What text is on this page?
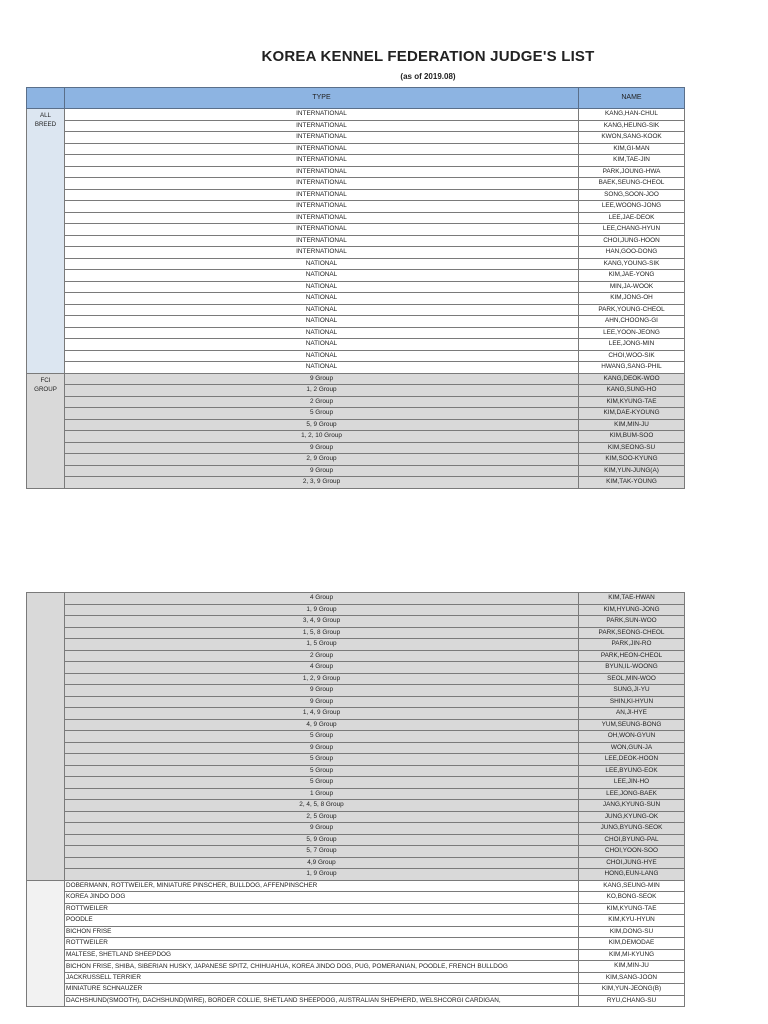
KOREA KENNEL FEDERATION JUDGE'S LIST
(as of 2019.08)
	TYPE	NAME
ALL BREED	INTERNATIONAL	KANG,HAN-CHUL
	INTERNATIONAL	KANG,HEUNG-SIK
	INTERNATIONAL	KWON,SANG-KOOK
	INTERNATIONAL	KIM,GI-MAN
	INTERNATIONAL	KIM,TAE-JIN
	INTERNATIONAL	PARK,JOUNG-HWA
	INTERNATIONAL	BAEK,SEUNG-CHEOL
	INTERNATIONAL	SONG,SOON-JOO
	INTERNATIONAL	LEE,WOONG-JONG
	INTERNATIONAL	LEE,JAE-DEOK
	INTERNATIONAL	LEE,CHANG-HYUN
	INTERNATIONAL	CHOI,JUNG-HOON
	INTERNATIONAL	HAN,GOO-DONG
	NATIONAL	KANG,YOUNG-SIK
	NATIONAL	KIM,JAE-YONG
	NATIONAL	MIN,JA-WOOK
	NATIONAL	KIM,JONG-OH
	NATIONAL	PARK,YOUNG-CHEOL
	NATIONAL	AHN,CHOONG-GI
	NATIONAL	LEE,YOON-JEONG
	NATIONAL	LEE,JONG-MIN
	NATIONAL	CHOI,WOO-SIK
	NATIONAL	HWANG,SANG-PHIL
FCI GROUP	9 Group	KANG,DEOK-WOO
	1, 2 Group	KANG,SUNG-HO
	2 Group	KIM,KYUNG-TAE
	5 Group	KIM,DAE-KYOUNG
	5, 9 Group	KIM,MIN-JU
	1, 2, 10 Group	KIM,BUM-SOO
	9 Group	KIM,SEONG-SU
	2, 9 Group	KIM,SOO-KYUNG
	9 Group	KIM,YUN-JUNG(A)
	2, 3, 9 Group	KIM,TAK-YOUNG
	4 Group	KIM,TAE-HWAN
	1, 9 Group	KIM,HYUNG-JONG
	3, 4, 9 Group	PARK,SUN-WOO
	1, 5, 8 Group	PARK,SEONG-CHEOL
	1, 5 Group	PARK,JIN-RO
	2 Group	PARK,HEON-CHEOL
	4 Group	BYUN,IL-WOONG
	1, 2, 9 Group	SEOL,MIN-WOO
	9 Group	SUNG,JI-YU
	9 Group	SHIN,KI-HYUN
	1, 4, 9 Group	AN,JI-HYE
	4, 9 Group	YUM,SEUNG-BONG
	5 Group	OH,WON-GYUN
	9 Group	WON,GUN-JA
	5 Group	LEE,DEOK-HOON
	5 Group	LEE,BYUNG-EOK
	5 Group	LEE,JIN-HO
	1 Group	LEE,JONG-BAEK
	2, 4, 5, 8 Group	JANG,KYUNG-SUN
	2, 5 Group	JUNG,KYUNG-OK
	9 Group	JUNG,BYUNG-SEOK
	5, 9 Group	CHOI,BYUNG-PAL
	5, 7 Group	CHOI,YOON-SOO
	4,9 Group	CHOI,JUNG-HYE
	1, 9 Group	HONG,EUN-LANG
	DOBERMANN, ROTTWEILER, MINIATURE PINSCHER, BULLDOG, AFFENPINSCHER	KANG,SEUNG-MIN
	KOREA JINDO DOG	KO,BONG-SEOK
	ROTTWEILER	KIM,KYUNG-TAE
	POODLE	KIM,KYU-HYUN
	BICHON FRISE	KIM,DONG-SU
	ROTTWEILER	KIM,DEMODAE
	MALTESE, SHETLAND SHEEPDOG	KIM,MI-KYUNG
	BICHON FRISE, SHIBA, SIBERIAN HUSKY, JAPANESE SPITZ, CHIHUAHUA, KOREA JINDO DOG, PUG, POMERANIAN, POODLE, FRENCH BULLDOG	KIM,MIN-JU
	JACKRUSSELL TERRIER	KIM,SANG-JOON
	MINIATURE SCHNAUZER	KIM,YUN-JEONG(B)
	DACHSHUND(SMOOTH), DACHSHUND(WIRE), BORDER COLLIE, SHETLAND SHEEPDOG, AUSTRALIAN SHEPHERD, WELSHCORGI CARDIGAN,	RYU,CHANG-SU
